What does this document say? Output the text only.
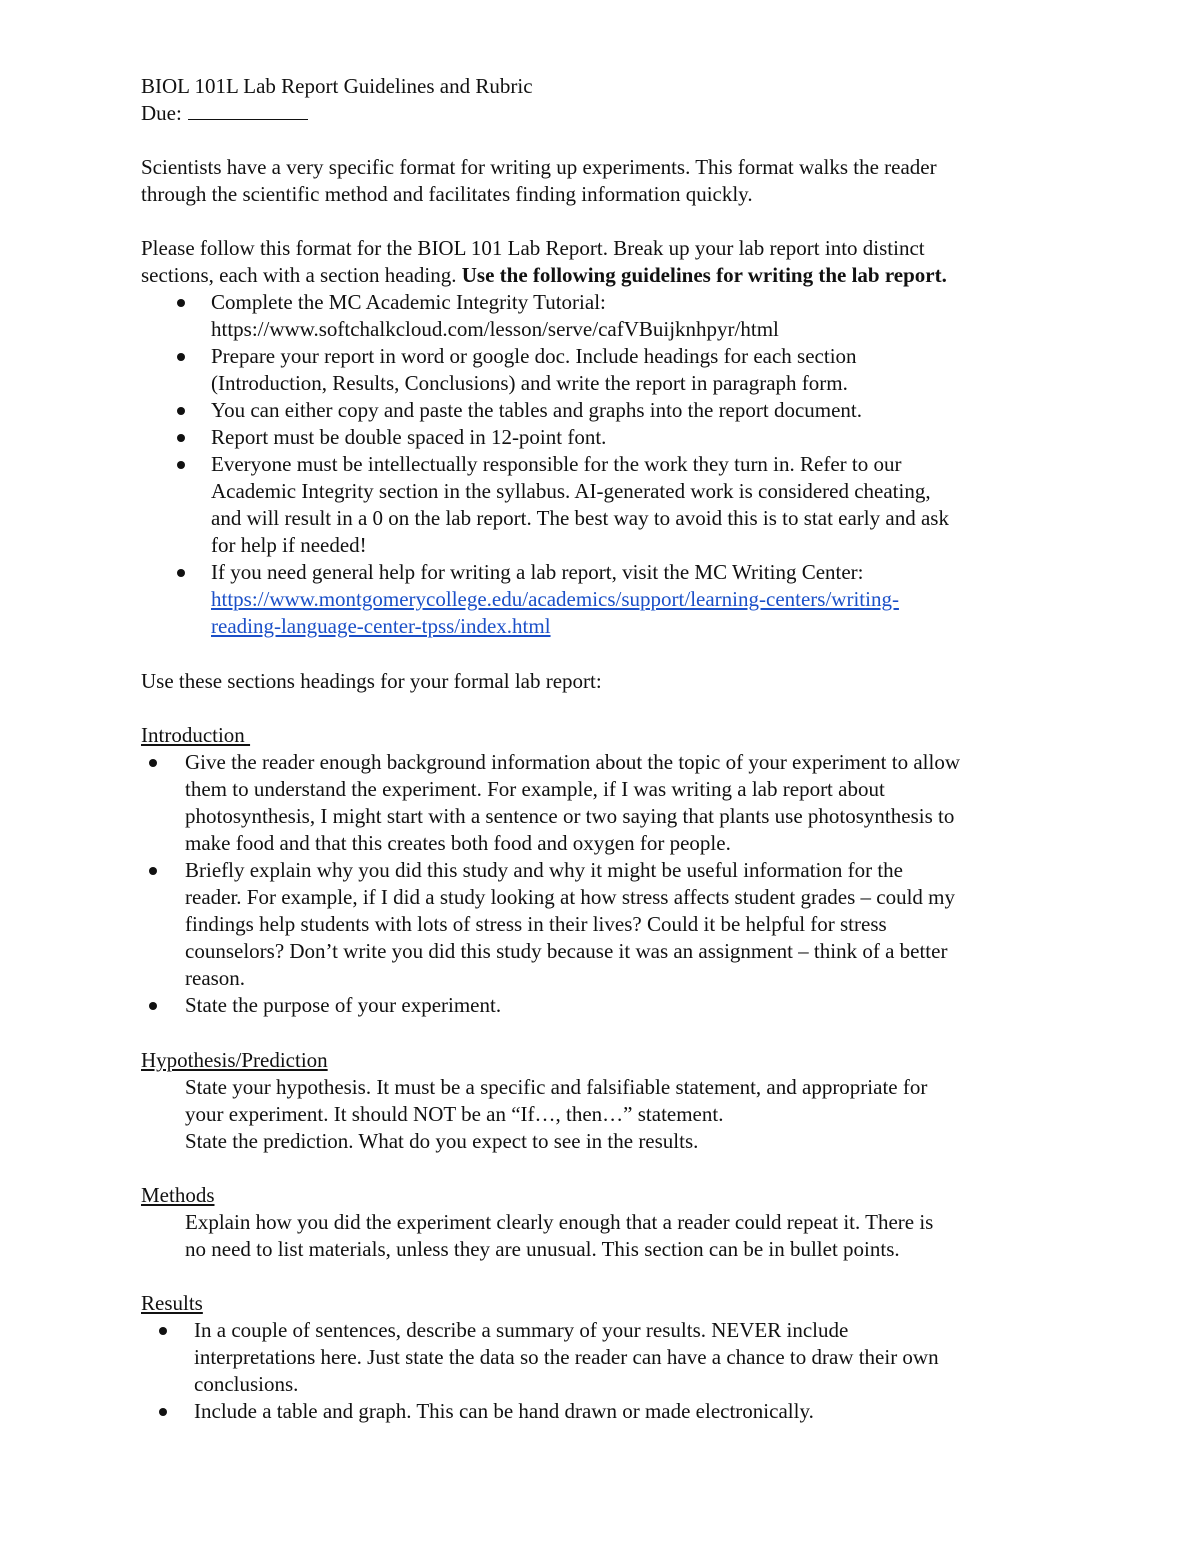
BIOL 101L Lab Report Guidelines and Rubric
Due:
Scientists have a very specific format for writing up experiments. This format walks the reader
through the scientific method and facilitates finding information quickly.
Please follow this format for the BIOL 101 Lab Report. Break up your lab report into distinct
sections, each with a section heading. Use the following guidelines for writing the lab report.
Complete the MC Academic Integrity Tutorial:
https://www.softchalkcloud.com/lesson/serve/cafVBuijknhpyr/html
Prepare your report in word or google doc. Include headings for each section
(Introduction, Results, Conclusions) and write the report in paragraph form.
You can either copy and paste the tables and graphs into the report document.
Report must be double spaced in 12-point font.
Everyone must be intellectually responsible for the work they turn in. Refer to our
Academic Integrity section in the syllabus. AI-generated work is considered cheating,
and will result in a 0 on the lab report. The best way to avoid this is to stat early and ask
for help if needed!
If you need general help for writing a lab report, visit the MC Writing Center:
https://www.montgomerycollege.edu/academics/support/learning-centers/writing-
reading-language-center-tpss/index.html
Use these sections headings for your formal lab report:
Introduction
Give the reader enough background information about the topic of your experiment to allow
them to understand the experiment. For example, if I was writing a lab report about
photosynthesis, I might start with a sentence or two saying that plants use photosynthesis to
make food and that this creates both food and oxygen for people.
Briefly explain why you did this study and why it might be useful information for the
reader. For example, if I did a study looking at how stress affects student grades – could my
findings help students with lots of stress in their lives? Could it be helpful for stress
counselors? Don’t write you did this study because it was an assignment – think of a better
reason.
State the purpose of your experiment.
Hypothesis/Prediction
State your hypothesis. It must be a specific and falsifiable statement, and appropriate for
your experiment. It should NOT be an “If…, then…” statement.
State the prediction. What do you expect to see in the results.
Methods
Explain how you did the experiment clearly enough that a reader could repeat it. There is
no need to list materials, unless they are unusual. This section can be in bullet points.
Results
In a couple of sentences, describe a summary of your results. NEVER include
interpretations here. Just state the data so the reader can have a chance to draw their own
conclusions.
Include a table and graph. This can be hand drawn or made electronically.
